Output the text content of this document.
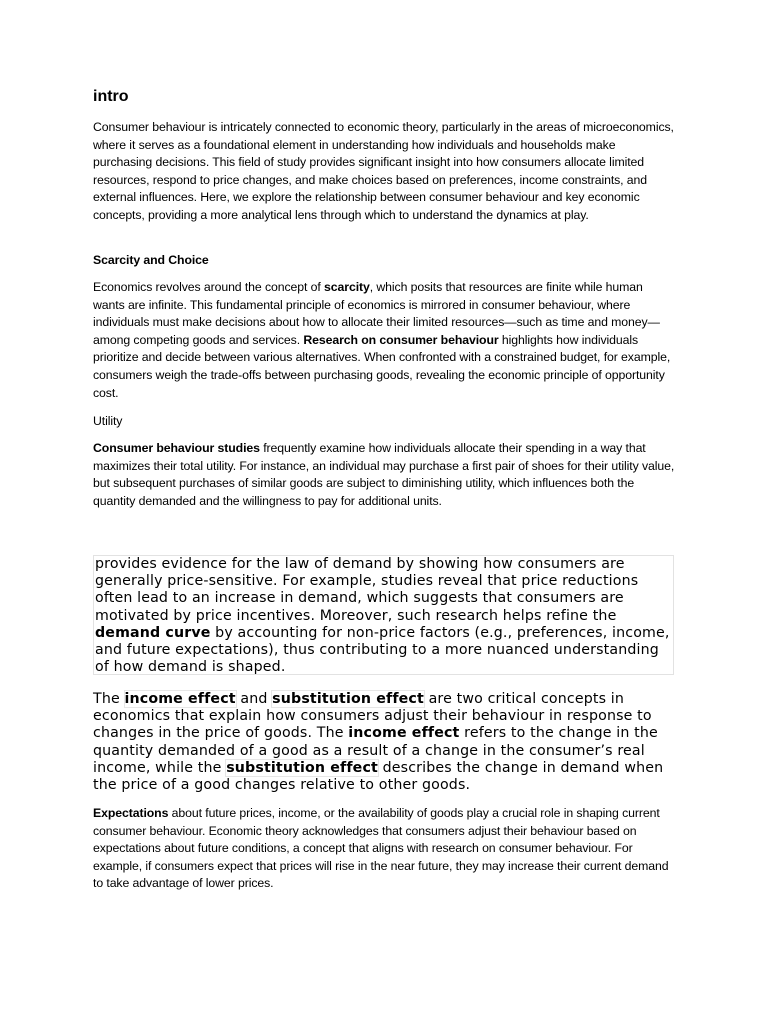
intro

Consumer behaviour is intricately connected to economic theory, particularly in the areas of microeconomics, where it serves as a foundational element in understanding how individuals and households make purchasing decisions. This field of study provides significant insight into how consumers allocate limited resources, respond to price changes, and make choices based on preferences, income constraints, and external influences. Here, we explore the relationship between consumer behaviour and key economic concepts, providing a more analytical lens through which to understand the dynamics at play.

Scarcity and Choice

Economics revolves around the concept of scarcity, which posits that resources are finite while human wants are infinite. This fundamental principle of economics is mirrored in consumer behaviour, where individuals must make decisions about how to allocate their limited resources—such as time and money—among competing goods and services. Research on consumer behaviour highlights how individuals prioritize and decide between various alternatives. When confronted with a constrained budget, for example, consumers weigh the trade-offs between purchasing goods, revealing the economic principle of opportunity cost.

Utility

Consumer behaviour studies frequently examine how individuals allocate their spending in a way that maximizes their total utility. For instance, an individual may purchase a first pair of shoes for their utility value, but subsequent purchases of similar goods are subject to diminishing utility, which influences both the quantity demanded and the willingness to pay for additional units.

provides evidence for the law of demand by showing how consumers are generally price-sensitive. For example, studies reveal that price reductions often lead to an increase in demand, which suggests that consumers are motivated by price incentives. Moreover, such research helps refine the demand curve by accounting for non-price factors (e.g., preferences, income, and future expectations), thus contributing to a more nuanced understanding of how demand is shaped.

The income effect and substitution effect are two critical concepts in economics that explain how consumers adjust their behaviour in response to changes in the price of goods. The income effect refers to the change in the quantity demanded of a good as a result of a change in the consumer’s real income, while the substitution effect describes the change in demand when the price of a good changes relative to other goods.

Expectations about future prices, income, or the availability of goods play a crucial role in shaping current consumer behaviour. Economic theory acknowledges that consumers adjust their behaviour based on expectations about future conditions, a concept that aligns with research on consumer behaviour. For example, if consumers expect that prices will rise in the near future, they may increase their current demand to take advantage of lower prices.
